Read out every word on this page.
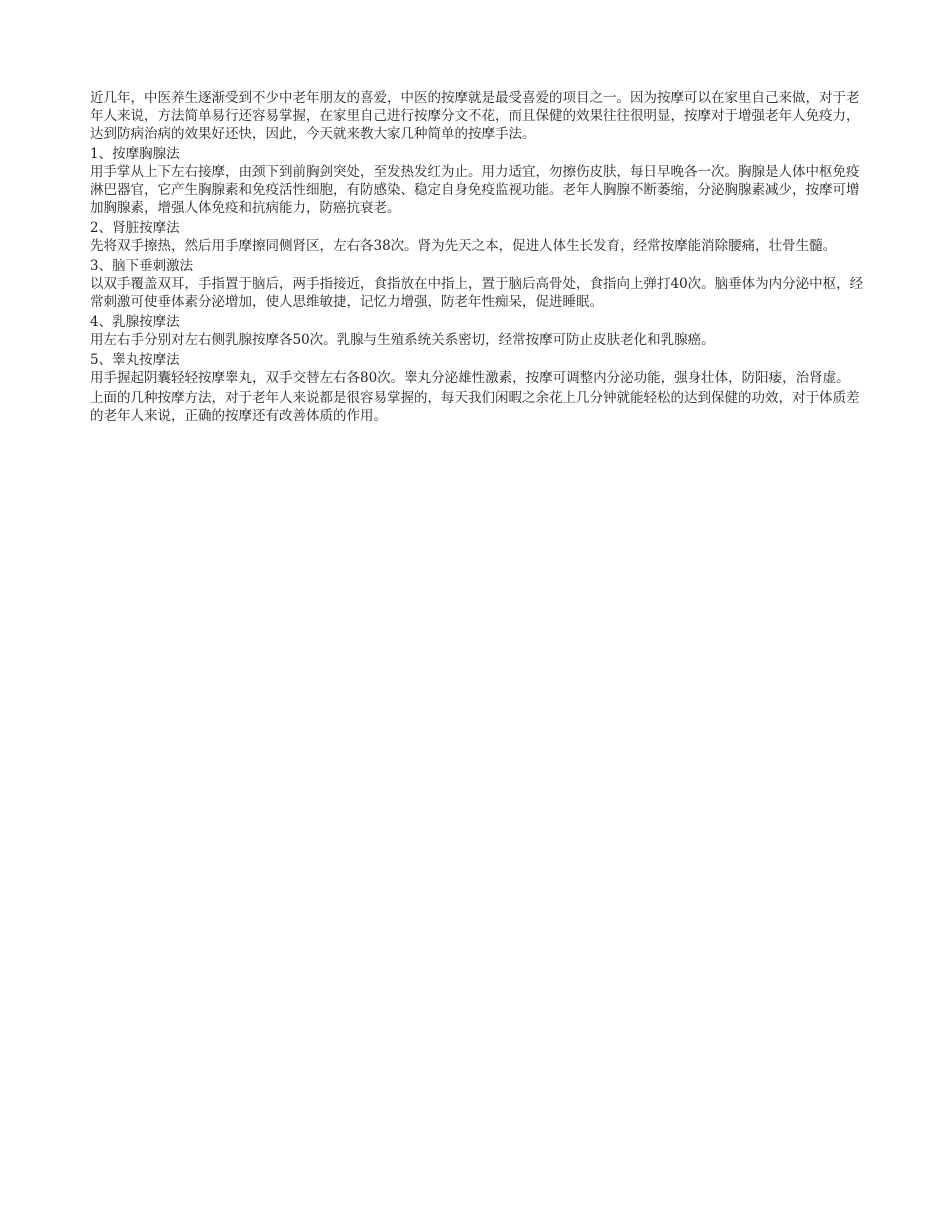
近几年，中医养生逐渐受到不少中老年朋友的喜爱，中医的按摩就是最受喜爱的项目之一。因为按摩可以在家里自己来做，对于老年人来说，方法简单易行还容易掌握，在家里自己进行按摩分文不花，而且保健的效果往往很明显，按摩对于增强老年人免疫力，达到防病治病的效果好还快，因此，今天就来教大家几种简单的按摩手法。

1、按摩胸腺法

用手掌从上下左右接摩，由颈下到前胸剑突处，至发热发红为止。用力适宜，勿擦伤皮肤，每日早晚各一次。胸腺是人体中枢免疫淋巴器官，它产生胸腺素和免疫活性细胞，有防感染、稳定自身免疫监视功能。老年人胸腺不断萎缩，分泌胸腺素减少，按摩可增加胸腺素，增强人体免疫和抗病能力，防癌抗衰老。

2、肾脏按摩法

先将双手擦热，然后用手摩擦同侧肾区，左右各38次。肾为先天之本，促进人体生长发育，经常按摩能消除腰痛，壮骨生髓。

3、脑下垂刺激法

以双手覆盖双耳，手指置于脑后，两手指接近，食指放在中指上，置于脑后高骨处，食指向上弹打40次。脑垂体为内分泌中枢，经常刺激可使垂体素分泌增加，使人思维敏捷，记忆力增强，防老年性痴呆，促进睡眠。

4、乳腺按摩法

用左右手分别对左右侧乳腺按摩各50次。乳腺与生殖系统关系密切，经常按摩可防止皮肤老化和乳腺癌。

5、睾丸按摩法

用手握起阴囊轻轻按摩睾丸，双手交替左右各80次。睾丸分泌雄性激素，按摩可调整内分泌功能，强身壮体，防阳痿，治肾虚。

上面的几种按摩方法，对于老年人来说都是很容易掌握的，每天我们闲暇之余花上几分钟就能轻松的达到保健的功效，对于体质差的老年人来说，正确的按摩还有改善体质的作用。
